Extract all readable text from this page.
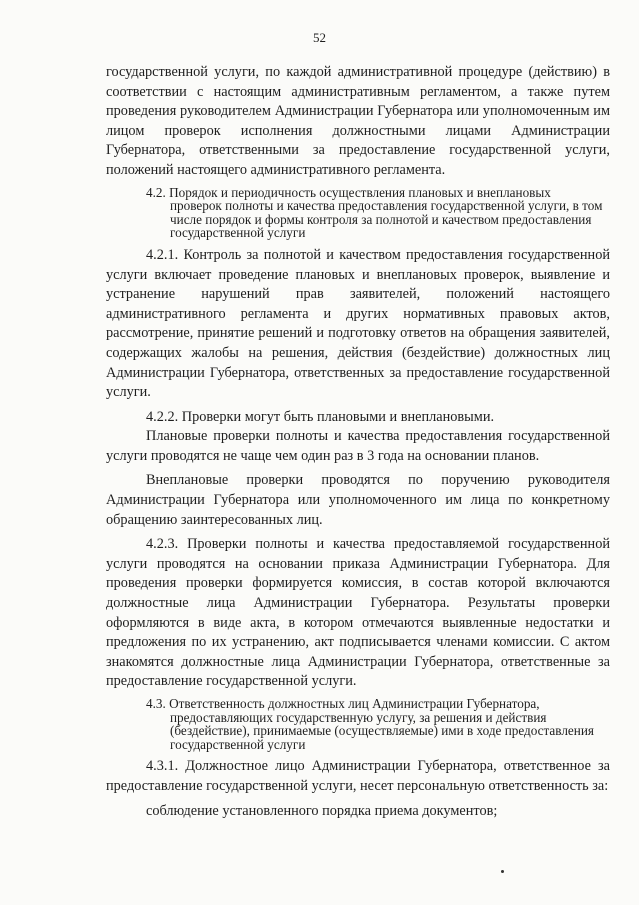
52

государственной услуги, по каждой административной процедуре (действию) в соответствии с настоящим административным регламентом, а также путем проведения руководителем Администрации Губернатора или уполномоченным им лицом проверок исполнения должностными лицами Администрации Губернатора, ответственными за предоставление государственной услуги, положений настоящего административного регламента.

4.2. Порядок и периодичность осуществления плановых и внеплановых
проверок полноты и качества предоставления государственной услуги, в том числе порядок и формы контроля за полнотой и качеством предоставления государственной услуги

4.2.1. Контроль за полнотой и качеством предоставления государственной услуги включает проведение плановых и внеплановых проверок, выявление и устранение нарушений прав заявителей, положений настоящего административного регламента и других нормативных правовых актов, рассмотрение, принятие решений и подготовку ответов на обращения заявителей, содержащих жалобы на решения, действия (бездействие) должностных лиц Администрации Губернатора, ответственных за предоставление государственной услуги.

4.2.2. Проверки могут быть плановыми и внеплановыми.

Плановые проверки полноты и качества предоставления государственной услуги проводятся не чаще чем один раз в 3 года на основании планов.

Внеплановые проверки проводятся по поручению руководителя Администрации Губернатора или уполномоченного им лица по конкретному обращению заинтересованных лиц.

4.2.3. Проверки полноты и качества предоставляемой государственной услуги проводятся на основании приказа Администрации Губернатора. Для проведения проверки формируется комиссия, в состав которой включаются должностные лица Администрации Губернатора. Результаты проверки оформляются в виде акта, в котором отмечаются выявленные недостатки и предложения по их устранению, акт подписывается членами комиссии. С актом знакомятся должностные лица Администрации Губернатора, ответственные за предоставление государственной услуги.

4.3. Ответственность должностных лиц Администрации Губернатора,
предоставляющих государственную услугу, за решения и действия (бездействие), принимаемые (осуществляемые) ими в ходе предоставления государственной услуги

4.3.1. Должностное лицо Администрации Губернатора, ответственное за предоставление государственной услуги, несет персональную ответственность за:

соблюдение установленного порядка приема документов;
